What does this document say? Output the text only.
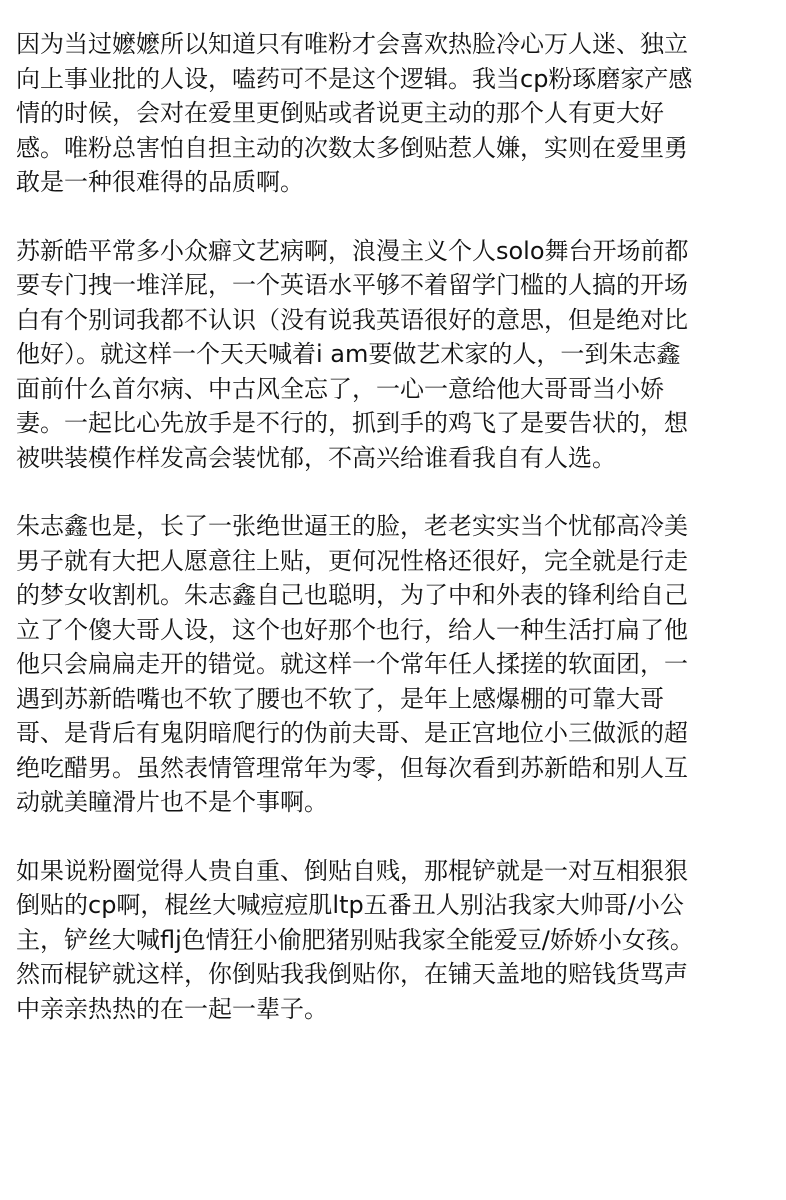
因为当过嬷嬷所以知道只有唯粉才会喜欢热脸冷心万人迷、独立
向上事业批的人设，嗑药可不是这个逻辑。我当cp粉琢磨家产感
情的时候，会对在爱里更倒贴或者说更主动的那个人有更大好
感。唯粉总害怕自担主动的次数太多倒贴惹人嫌，实则在爱里勇
敢是一种很难得的品质啊。

苏新皓平常多小众癖文艺病啊，浪漫主义个人solo舞台开场前都
要专门拽一堆洋屁，一个英语水平够不着留学门槛的人搞的开场
白有个别词我都不认识（没有说我英语很好的意思，但是绝对比
他好）。就这样一个天天喊着i am要做艺术家的人，一到朱志鑫
面前什么首尔病、中古风全忘了，一心一意给他大哥哥当小娇
妻。一起比心先放手是不行的，抓到手的鸡飞了是要告状的，想
被哄装模作样发高会装忧郁，不高兴给谁看我自有人选。

朱志鑫也是，长了一张绝世逼王的脸，老老实实当个忧郁高冷美
男子就有大把人愿意往上贴，更何况性格还很好，完全就是行走
的梦女收割机。朱志鑫自己也聪明，为了中和外表的锋利给自己
立了个傻大哥人设，这个也好那个也行，给人一种生活打扁了他
他只会扁扁走开的错觉。就这样一个常年任人揉搓的软面团，一
遇到苏新皓嘴也不软了腰也不软了，是年上感爆棚的可靠大哥
哥、是背后有鬼阴暗爬行的伪前夫哥、是正宫地位小三做派的超
绝吃醋男。虽然表情管理常年为零，但每次看到苏新皓和别人互
动就美瞳滑片也不是个事啊。

如果说粉圈觉得人贵自重、倒贴自贱，那棍铲就是一对互相狠狠
倒贴的cp啊，棍丝大喊痘痘肌ltp五番丑人别沾我家大帅哥/小公
主，铲丝大喊flj色情狂小偷肥猪别贴我家全能爱豆/娇娇小女孩。
然而棍铲就这样，你倒贴我我倒贴你，在铺天盖地的赔钱货骂声
中亲亲热热的在一起一辈子。
